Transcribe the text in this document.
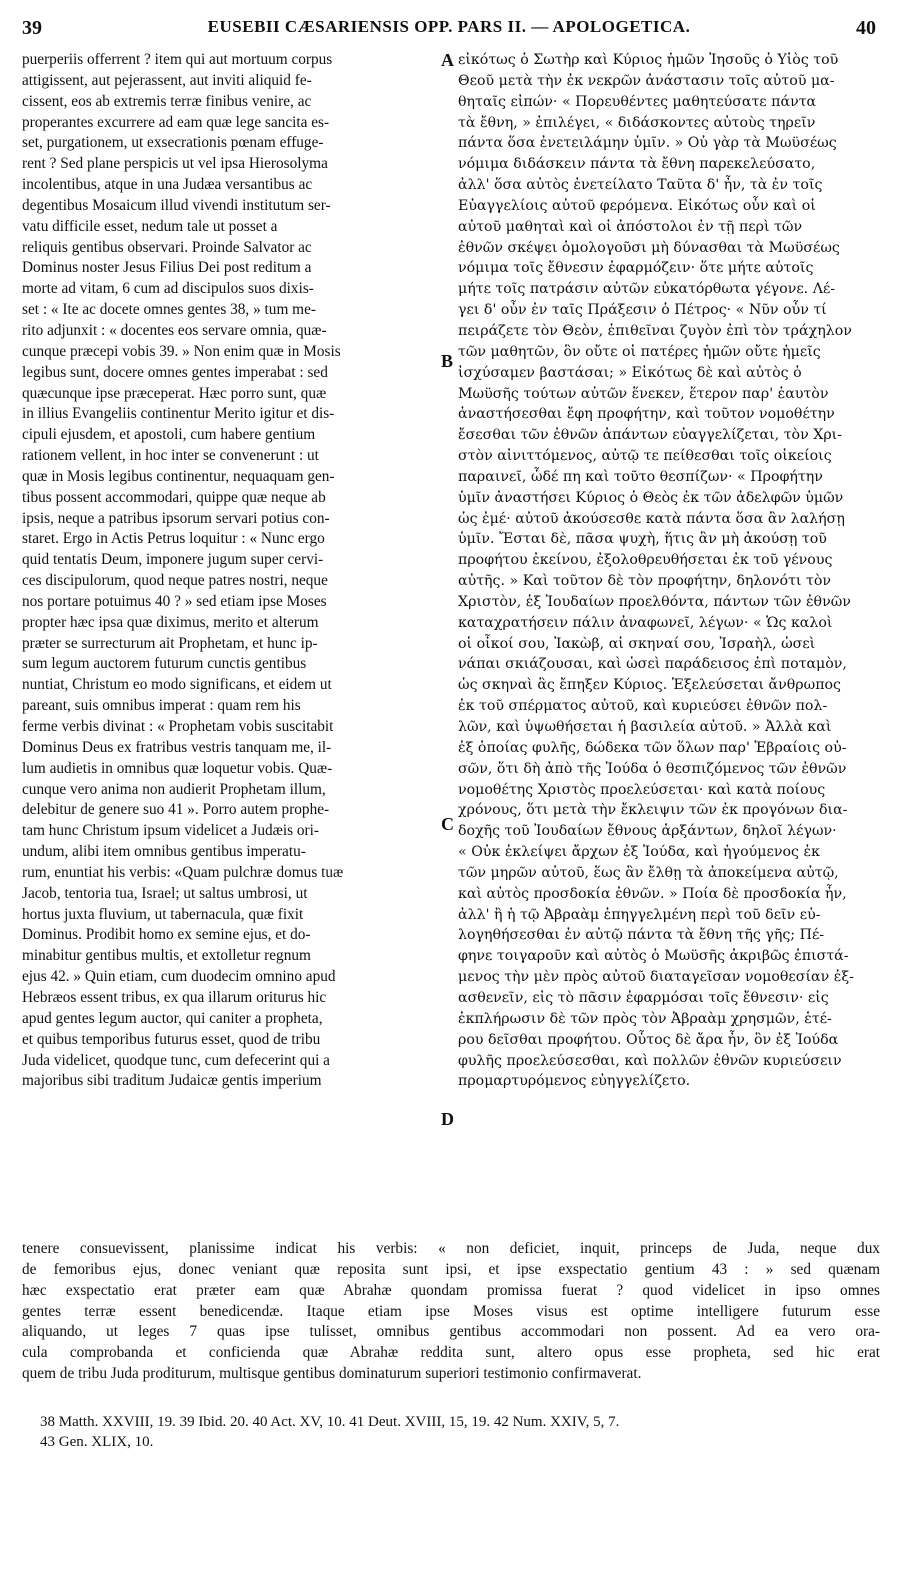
39	EUSEBII CÆSARIENSIS OPP. PARS II. — APOLOGETICA.	40
puerperiis offerrent ? item qui aut mortuum corpus
attigissent, aut pejerassent, aut inviti aliquid fe-
cissent, eos ab extremis terræ finibus venire, ac
properantes excurrere ad eam quæ lege sancita es-
set, purgationem, ut exsecrationis pœnam effuge-
rent ? Sed plane perspicis ut vel ipsa Hierosolyma
incolentibus, atque in una Judæa versantibus ac
degentibus Mosaicum illud vivendi institutum ser-
vatu difficile esset, nedum tale ut posset a
reliquis gentibus observari. Proinde Salvator ac
Dominus noster Jesus Filius Dei post reditum a
morte ad vitam, 6 cum ad discipulos suos dixis-
set : « Ite ac docete omnes gentes 38, » tum me-
rito adjunxit : « docentes eos servare omnia, quæ-
cunque præcepi vobis 39. » Non enim quæ in Mosis
legibus sunt, docere omnes gentes imperabat : sed
quæcunque ipse præceperat. Hæc porro sunt, quæ
in illius Evangeliis continentur Merito igitur et dis-
cipuli ejusdem, et apostoli, cum habere gentium
rationem vellent, in hoc inter se convenerunt : ut
quæ in Mosis legibus continentur, nequaquam gen-
tibus possent accommodari, quippe quæ neque ab
ipsis, neque a patribus ipsorum servari potius con-
staret. Ergo in Actis Petrus loquitur : « Nunc ergo
quid tentatis Deum, imponere jugum super cervi-
ces discipulorum, quod neque patres nostri, neque
nos portare potuimus 40 ? » sed etiam ipse Moses
propter hæc ipsa quæ diximus, merito et alterum
præter se surrecturum ait Prophetam, et hunc ip-
sum legum auctorem futurum cunctis gentibus
nuntiat, Christum eo modo significans, et eidem ut
pareant, suis omnibus imperat : quam rem his
ferme verbis divinat : « Prophetam vobis suscitabit
Dominus Deus ex fratribus vestris tanquam me, il-
lum audietis in omnibus quæ loquetur vobis. Quæ-
cunque vero anima non audierit Prophetam illum,
delebitur de genere suo 41 ». Porro autem prophe-
tam hunc Christum ipsum videlicet a Judæis ori-
undum, alibi item omnibus gentibus imperatu-
rum, enuntiat his verbis: «Quam pulchræ domus tuæ
Jacob, tentoria tua, Israel; ut saltus umbrosi, ut
hortus juxta fluvium, ut tabernacula, quæ fixit
Dominus. Prodibit homo ex semine ejus, et do-
minabitur gentibus multis, et extolletur regnum
ejus 42. » Quin etiam, cum duodecim omnino apud
Hebræos essent tribus, ex qua illarum oriturus hic
apud gentes legum auctor, qui caniter a propheta,
et quibus temporibus futurus esset, quod de tribu
Juda videlicet, quodque tunc, cum defecerint qui a
majoribus sibi traditum Judaicæ gentis imperium
εἰκότως ὁ Σωτὴρ καὶ Κύριος ἡμῶν Ἰησοῦς ὁ Υἱὸς τοῦ
Θεοῦ μετὰ τὴν ἐκ νεκρῶν ἀνάστασιν τοῖς αὐτοῦ μα-
θηταῖς εἰπών· « Πορευθέντες μαθητεύσατε πάντα
τὰ ἔθνη, » ἐπιλέγει, « διδάσκοντες αὐτοὺς τηρεῖν
πάντα ὅσα ἐνετειλάμην ὑμῖν. » Οὐ γὰρ τὰ Μωϋσέως
νόμιμα διδάσκειν πάντα τὰ ἔθνη παρεκελεύσατο,
ἀλλ' ὅσα αὐτὸς ἐνετείλατο Ταῦτα δ' ἦν, τὰ ἐν τοῖς
Εὐαγγελίοις αὐτοῦ φερόμενα. Εἰκότως οὖν καὶ οἱ
αὐτοῦ μαθηταὶ καὶ οἱ ἀπόστολοι ἐν τῇ περὶ τῶν
ἐθνῶν σκέψει ὁμολογοῦσι μὴ δύνασθαι τὰ Μωϋσέως
νόμιμα τοῖς ἔθνεσιν ἐφαρμόζειν· ὅτε μήτε αὐτοῖς
μήτε τοῖς πατράσιν αὐτῶν εὐκατόρθωτα γέγονε. Λέ-
γει δ' οὖν ἐν ταῖς Πράξεσιν ὁ Πέτρος· « Νῦν οὖν τί
πειράζετε τὸν Θεὸν, ἐπιθεῖναι ζυγὸν ἐπὶ τὸν τράχηλον
τῶν μαθητῶν, ὃν οὔτε οἱ πατέρες ἡμῶν οὔτε ἡμεῖς
ἰσχύσαμεν βαστάσαι; » Εἰκότως δὲ καὶ αὐτὸς ὁ
Μωϋσῆς τούτων αὐτῶν ἕνεκεν, ἕτερον παρ' ἑαυτὸν
ἀναστήσεσθαι ἔφη προφήτην, καὶ τοῦτον νομοθέτην
ἔσεσθαι τῶν ἐθνῶν ἁπάντων εὐαγγελίζεται, τὸν Χρι-
στὸν αἰνιττόμενος, αὐτῷ τε πείθεσθαι τοῖς οἰκείοις
παραινεῖ, ὧδέ πη καὶ τοῦτο θεσπίζων· « Προφήτην
ὑμῖν ἀναστήσει Κύριος ὁ Θεὸς ἐκ τῶν ἀδελφῶν ὑμῶν
ὡς ἐμέ· αὐτοῦ ἀκούσεσθε κατὰ πάντα ὅσα ἂν λαλήσῃ
ὑμῖν. Ἔσται δὲ, πᾶσα ψυχὴ, ἥτις ἂν μὴ ἀκούσῃ τοῦ
προφήτου ἐκείνου, ἐξολοθρευθήσεται ἐκ τοῦ γένους
αὐτῆς. » Καὶ τοῦτον δὲ τὸν προφήτην, δηλονότι τὸν
Χριστὸν, ἐξ Ἰουδαίων προελθόντα, πάντων τῶν ἐθνῶν
καταχρατήσειν πάλιν ἀναφωνεῖ, λέγων· « Ὡς καλοὶ
οἱ οἶκοί σου, Ἰακὼβ, αἱ σκηναί σου, Ἰσραὴλ, ὡσεὶ
νάπαι σκιάζουσαι, καὶ ὡσεὶ παράδεισος ἐπὶ ποταμὸν,
ὡς σκηναὶ ἃς ἔπηξεν Κύριος. Ἐξελεύσεται ἄνθρωπος
ἐκ τοῦ σπέρματος αὐτοῦ, καὶ κυριεύσει ἐθνῶν πολ-
λῶν, καὶ ὑψωθήσεται ἡ βασιλεία αὐτοῦ. » Ἀλλὰ καὶ
ἐξ ὁποίας φυλῆς, δώδεκα τῶν ὅλων παρ' Ἑβραίοις οὐ-
σῶν, ὅτι δὴ ἀπὸ τῆς Ἰούδα ὁ θεσπιζόμενος τῶν ἐθνῶν
νομοθέτης Χριστὸς προελεύσεται· καὶ κατὰ ποίους
χρόνους, ὅτι μετὰ τὴν ἔκλειψιν τῶν ἐκ προγόνων δια-
δοχῆς τοῦ Ἰουδαίων ἔθνους ἀρξάντων, δηλοῖ λέγων·
« Οὐκ ἐκλείψει ἄρχων ἐξ Ἰούδα, καὶ ἡγούμενος ἐκ
τῶν μηρῶν αὐτοῦ, ἕως ἂν ἔλθῃ τὰ ἀποκείμενα αὐτῷ,
καὶ αὐτὸς προσδοκία ἐθνῶν. » Ποία δὲ προσδοκία ἦν,
ἀλλ' ἢ ἡ τῷ Ἀβραὰμ ἐπηγγελμένη περὶ τοῦ δεῖν εὐ-
λογηθήσεσθαι ἐν αὐτῷ πάντα τὰ ἔθνη τῆς γῆς; Πέ-
φηνε τοιγαροῦν καὶ αὐτὸς ὁ Μωϋσῆς ἀκριβῶς ἐπιστά-
μενος τὴν μὲν πρὸς αὐτοῦ διαταγεῖσαν νομοθεσίαν ἐξ-
ασθενεῖν, εἰς τὸ πᾶσιν ἐφαρμόσαι τοῖς ἔθνεσιν· εἰς
ἐκπλήρωσιν δὲ τῶν πρὸς τὸν Ἀβραὰμ χρησμῶν, ἑτέ-
ρου δεῖσθαι προφήτου. Οὗτος δὲ ἄρα ἦν, ὃν ἐξ Ἰούδα
φυλῆς προελεύσεσθαι, καὶ πολλῶν ἐθνῶν κυριεύσειν
προμαρτυρόμενος εὐηγγελίζετο.
A
B
C
D
tenere consuevissent, planissime indicat his verbis: « non deficiet, inquit, princeps de Juda, neque dux
de femoribus ejus, donec veniant quæ reposita sunt ipsi, et ipse exspectatio gentium 43 : » sed quænam
hæc exspectatio erat præter eam quæ Abrahæ quondam promissa fuerat ? quod videlicet in ipso omnes
gentes terræ essent benedicendæ. Itaque etiam ipse Moses visus est optime intelligere futurum esse
aliquando, ut leges 7 quas ipse tulisset, omnibus gentibus accommodari non possent. Ad ea vero ora-
cula comprobanda et conficienda quæ Abrahæ reddita sunt, altero opus esse propheta, sed hic erat
quem de tribu Juda proditurum, multisque gentibus dominaturum superiori testimonio confirmaverat.
38 Matth. XXVIII, 19. 39 Ibid. 20. 40 Act. XV, 10. 41 Deut. XVIII, 15, 19. 42 Num. XXIV, 5, 7.
43 Gen. XLIX, 10.
